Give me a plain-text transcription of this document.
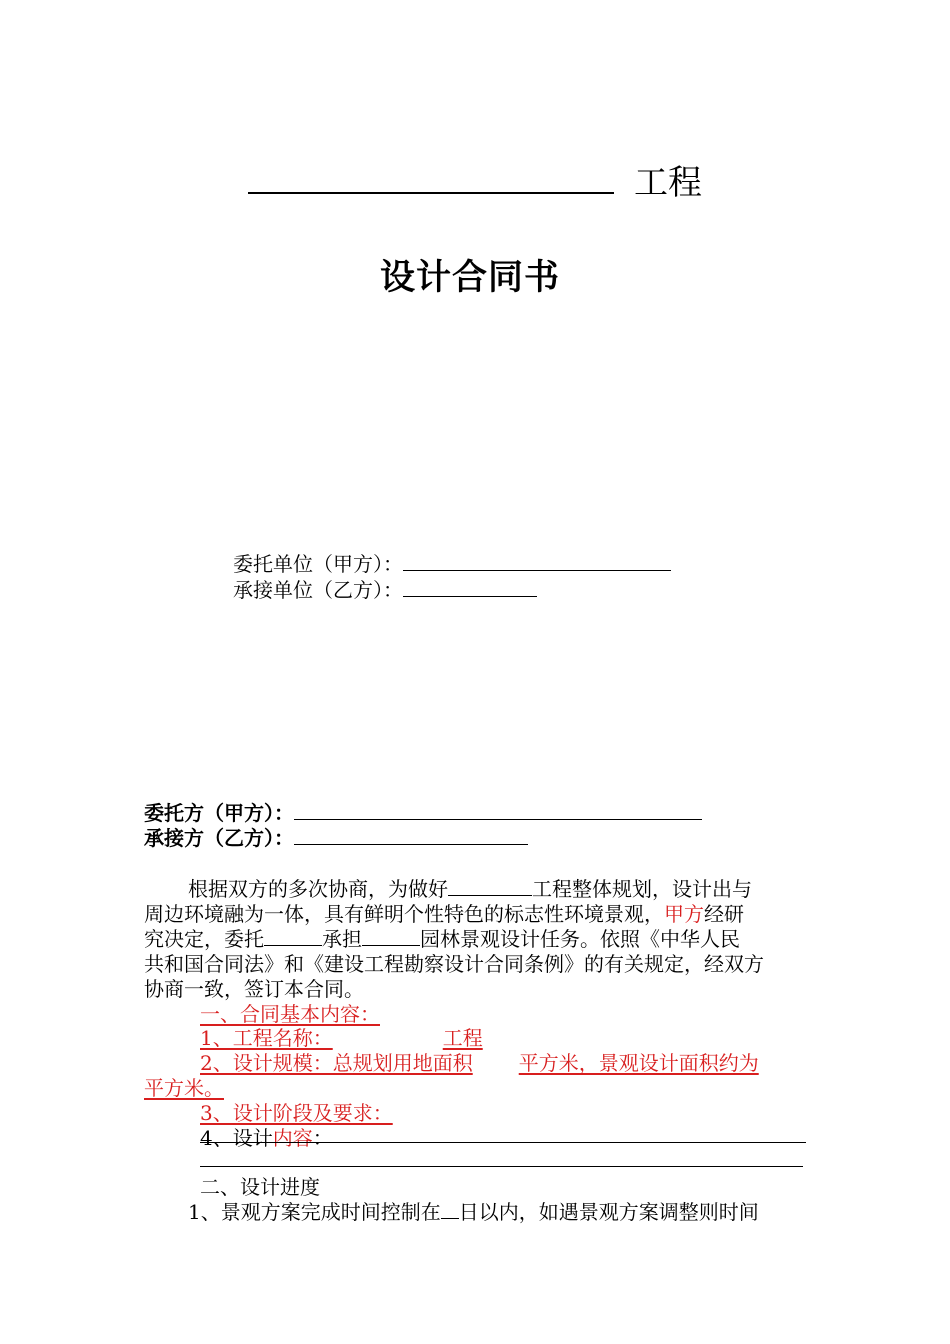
工程
设计合同书
委托单位（甲方）：
承接单位（乙方）：
委托方（甲方）：
承接方（乙方）：
根据双方的多次协商，为做好	工程整体规划，设计出与
周边环境融为一体，具有鲜明个性特色的标志性环境景观，甲方经研
究决定，委托	承担	园林景观设计任务。依照《中华人民
共和国合同法》和《建设工程勘察设计合同条例》的有关规定，经双方
协商一致，签订本合同。
一、合同基本内容：
1、工程名称：	工程
2、设计规模：总规划用地面积 平方米，景观设计面积约为
平方米。
3、设计阶段及要求：
4、设计内容：
二、设计进度
1、景观方案完成时间控制在 日以内，如遇景观方案调整则时间
